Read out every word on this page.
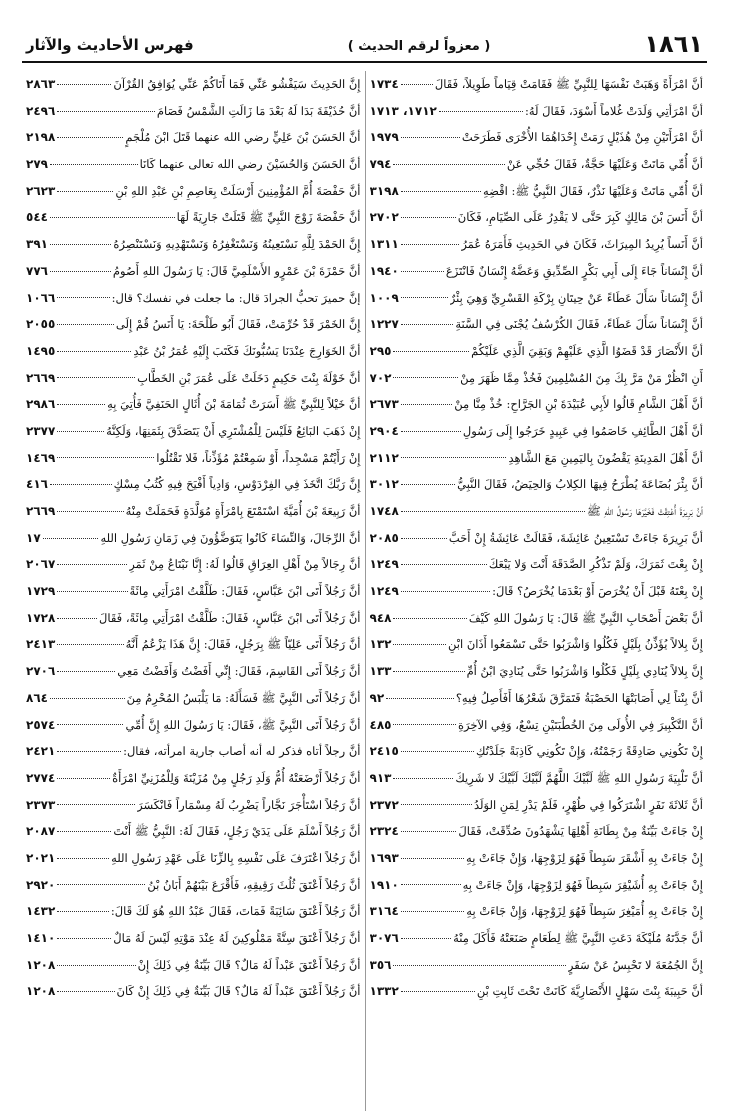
١٨٦١
( معزواً لرقم الحديث )
فهرس الأحاديث والآثار
أنَّ امْرَأَةً وَهَبَتْ نَفْسَهَا لِلنَّبِيِّ ﷺ فَقَامَتْ قِيَاماً طَوِيلاً، فَقَالَ
١٧٣٤
أنَّ امْرَأتِي وَلَدَتْ غُلاماً أَسْوَدَ، فَقَالَ لَهُ:
١٧١٢، ١٧١٣
أنَّ امْرَأَتَيْنِ مِنْ هُذَيْلٍ رَمَتْ إِحْدَاهُمَا الأُخْرَى فَطَرَحَتْ
١٩٧٩
أنَّ أُمِّي مَاتَتْ وَعَلَيْهَا حَجَّةٌ، فَقَالَ حُجِّي عَنْ
٧٩٤
أنَّ أُمِّي مَاتَتْ وَعَلَيْهَا نَذْرٌ، فَقَالَ النَّبِيُّ ﷺ: اقْضِهِ
٣١٩٨
أنَّ أَنَسَ بْنَ مَالِكٍ كَبِرَ حَتَّى لا يَقْدِرُ عَلَى الصِّيَامِ، فَكَانَ
٢٧٠٢
أنَّ أَنَساً يُرِيدُ المِيرَاثَ، فَكَانَ في الحَدِيثِ فَأَمَرَهُ عُمَرُ
١٣١١
أنَّ إِنْسَاناً جَاءَ إِلَى أَبِي بَكْرٍ الصِّدِّيقِ وَعَضَّهُ إِنْسَانٌ فَانْتَزَعَ
١٩٤٠
أنَّ إِنْسَاناً سَأَلَ عَطَاءً عَنْ حِيتَانِ بِرْكَةِ القَسْرِيِّ وَهِيَ بِئْرٌ
١٠٠٩
أنَّ إِنْسَاناً سَأَلَ عَطَاءً، فَقَالَ الكُرْسُفُ يُجْنَى فِي السَّنَةِ
١٢٢٧
أنَّ الأَنْصَارَ قَدْ قَضَوُا الَّذِي عَلَيْهِمْ وَبَقِيَ الَّذِي عَلَيْكُمْ
٢٩٥
أَنِ انْظُرْ مَنْ مَرَّ بِكَ مِنَ المُسْلِمِينَ فَخُذْ مِمَّا ظَهَرَ مِنْ
٧٠٢
أنَّ أَهْلَ الشَّامِ قَالُوا لأَبِي عُبَيْدَةَ بْنِ الجَرَّاحِ: خُذْ مِنَّا مِنْ
٢٦٧٣
أنَّ أَهْلَ الطَّائِفِ خَاصَمُوا فِي عَبِيدٍ خَرَجُوا إِلَى رَسُولِ
٢٩٠٤
أنَّ أَهْلَ المَدِينَةِ يَقْضُونَ بِاليَمِينِ مَعَ الشَّاهِدِ
٢١١٢
أنَّ بِئْرَ بُضَاعَةَ يُطْرَحُ فِيهَا الكِلابُ وَالحِيَضُ، فَقَالَ النَّبِيُّ
٣٠١٢
أنَّ بَرِيرَةَ أُعْتِقَتْ فَخَيَّرَهَا رَسُولُ اللهِ ﷺ
١٧٤٨
أنَّ بَرِيرَةَ جَاءَتْ تَسْتَعِينُ عَائِشَةَ، فَقَالَتْ عَائِشَةُ إِنْ أَحَبَّ
٢٠٨٥
إِنْ بِعْتَ ثَمَرَكَ، وَلَمْ تَذْكُرِ الصَّدَقَةَ أَنْتَ وَلا يَبْعَكَ
١٢٤٩
إِنْ بِعْتَهُ قَبْلَ أَنْ يُخْرَصَ أَوْ بَعْدَمَا يُخْرَصُ؟ قَالَ:
١٢٤٩
أنَّ بَعْضَ أَصْحَابِ النَّبِيِّ ﷺ قَالَ: يَا رَسُولَ اللهِ كَيْفَ
٩٤٨
إِنَّ بِلالاً يُؤَذِّنُ بِلَيْلٍ فَكُلُوا وَاشْرَبُوا حَتَّى تَسْمَعُوا أَذَانَ ابْنِ
١٣٢
إِنَّ بِلالاً يُنَادِي بِلَيْلٍ فَكُلُوا وَاشْرَبُوا حَتَّى يُنَادِيَ ابْنُ أُمِّ
١٣٣
أنَّ بِنْتاً لِي أَصَابَتْهَا الحَصْبَةُ فَتَمَرَّقَ شَعْرُهَا أَفَأَصِلُ فِيهِ؟
٩٢
أنَّ التَّكْبِيرَ فِي الأُولَى مِنَ الخُطْبَتَيْنِ تِسْعٌ، وَفِي الآخِرَةِ
٤٨٥
إِنْ تَكُونِي صَادِقَةً رَجَمْتُهُ، وَإِنْ تَكُونِي كَاذِبَةً جَلَدْتُكِ
٢٤١٥
أنَّ تَلْبِيَةَ رَسُولِ اللهِ ﷺ لَبَّيْكَ اللَّهُمَّ لَبَّيْكَ لَبَّيْكَ لا شَرِيكَ
٩١٣
أنَّ ثَلاثَةَ نَفَرٍ اشْتَرَكُوا فِي طُهْرٍ، فَلَمْ يَدْرِ لِمَنِ الوَلَدُ
٢٣٧٢
إِنْ جَاءَتْ بَيِّنَةٌ مِنْ بِطَانَةِ أَهْلِهَا يَشْهَدُونَ صُدِّقَتْ، فَقَالَ
٢٣٢٤
إِنْ جَاءَتْ بِهِ أَشْقَرَ سَبِطاً فَهُوَ لِزَوْجِهَا، وَإِنْ جَاءَتْ بِهِ
١٦٩٣
إِنْ جَاءَتْ بِهِ أُشَيْقِرَ سَبِطاً فَهُوَ لِزَوْجِهَا، وَإِنْ جَاءَتْ بِهِ
١٩١٠
إِنْ جَاءَتْ بِهِ أُمَيْغِرَ سَبِطاً فَهُوَ لِزَوْجِهَا، وَإِنْ جَاءَتْ بِهِ
٣١٦٤
أنَّ جَدَّتَهُ مُلَيْكَةَ دَعَتِ النَّبِيَّ ﷺ لِطَعَامٍ صَنَعَتْهُ فَأَكَلَ مِنْهُ
٣٠٧٦
إِنَّ الجُمُعَةَ لا تَحْبِسُ عَنْ سَفَرٍ
٣٥٦
أنَّ حَبِيبَةَ بِنْتَ سَهْلٍ الأَنْصَارِيَّةَ كَانَتْ تَحْتَ ثَابِتِ بْنِ
١٣٣٢
إِنَّ الحَدِيثَ سَيَفْشُو عَنِّي فَمَا أَتَاكُمْ عَنِّي يُوَافِقُ القُرْآنَ
٢٨٦٣
أنَّ حُذَيْفَةَ بَدَا لَهُ بَعْدَ مَا زَالَتِ الشَّمْسُ فَصَامَ
٢٤٩٦
أنَّ الحَسَنَ بْنَ عَلِيٍّ رضي الله عنهما قَتَلَ ابْنَ مُلْجَمٍ
٢١٩٨
أنَّ الحَسَنَ وَالحُسَيْنَ رضي الله تعالى عنهما كَانَا
٢٧٩
أنَّ حَفْصَةَ أُمَّ المُؤْمِنِينَ أَرْسَلَتْ بِعَاصِمِ بْنِ عَبْدِ اللهِ بْنِ
٢٦٢٣
أنَّ حَفْصَةَ زَوْجَ النَّبِيِّ ﷺ قَتَلَتْ جَارِيَةً لَهَا
٥٤٤
إِنَّ الحَمْدَ لِلَّهِ نَسْتَعِينُهُ وَنَسْتَغْفِرُهُ وَنَسْتَهْدِيهِ وَنَسْتَنْصِرُهُ
٣٩١
أنَّ حَمْزَةَ بْنَ عَمْرٍو الأَسْلَمِيَّ قَالَ: يَا رَسُولَ اللهِ أَصُومُ
٧٧٦
إنَّ حميرَ تحبُّ الجرادَ قال: ما جعلت في نفسك؟ قال:
١٠٦٦
إِنَّ الخَمْرَ قَدْ حُرِّمَتْ، فَقَالَ أَبُو طَلْحَةَ: يَا أَنَسُ قُمْ إِلَى
٢٠٥٥
أنَّ الخَوَارِجَ عِنْدَنَا يَسُبُّونَكَ فَكَتَبَ إِلَيْهِ عُمَرُ بْنُ عَبْدِ
١٤٩٥
أنَّ خَوْلَةَ بِنْتَ حَكِيمٍ دَخَلَتْ عَلَى عُمَرَ بْنِ الخَطَّابِ
٢٦٦٩
أنَّ خَيْلاً لِلنَّبِيِّ ﷺ أَسَرَتْ ثُمَامَةَ بْنَ أُثَالٍ الحَنَفِيَّ فَأُتِيَ بِهِ
٢٩٨٦
إِنْ ذَهَبَ البَائِعُ فَلَيْسَ لِلْمُشْتَرِي أَنْ يَتَصَدَّقَ بِثَمَنِهَا، وَلَكِنَّهُ
٢٣٧٧
إِنْ رَأَيْتُمْ مَسْجِداً، أَوْ سَمِعْتُمْ مُؤَذِّناً، فَلا تَقْتُلُوا
١٤٦٩
إِنَّ رَبَّكَ اتَّخَذَ فِي الفِرْدَوْسِ، وَادِياً أَفْيَحَ فِيهِ كُثُبُ مِسْكٍ
٤١٦
أنَّ رَبِيعَةَ بْنَ أُمَيَّةَ اسْتَمْتَعَ بِامْرَأَةٍ مُوَلَّدَةٍ فَحَمَلَتْ مِنْهُ
٢٦٦٩
أنَّ الرِّجَالَ، وَالنِّسَاءَ كَانُوا يَتَوَضَّؤُونَ فِي زَمَانِ رَسُولِ اللهِ
١٧
أنَّ رِجَالاً مِنْ أَهْلِ العِرَاقِ قَالُوا لَهُ: إِنَّا نَبْتَاعُ مِنْ ثَمَرِ
٢٠٦٧
أنَّ رَجُلاً أَتَى ابْنَ عَبَّاسٍ، فَقَالَ: طَلَّقْتُ امْرَأَتِي مِائَةً
١٧٢٩
أنَّ رَجُلاً أَتَى ابْنَ عَبَّاسٍ، فَقَالَ: طَلَّقْتُ امْرَأَتِي مِائَةً، فَقَالَ
١٧٢٨
أنَّ رَجُلاً أَتَى عَلِيّاً ﷺ بِرَجُلٍ، فَقَالَ: إِنَّ هَذَا يَزْعُمُ أَنَّهُ
٢٤١٣
أنَّ رَجُلاً أَتَى القَاسِمَ، فَقَالَ: إِنِّي أَفَضْتُ وَأَفَضْتُ مَعِي
٢٧٠٦
أنَّ رَجُلاً أَتَى النَّبِيَّ ﷺ فَسَأَلَهُ: مَا يَلْبَسُ المُحْرِمُ مِنَ
٨٦٤
أنَّ رَجُلاً أَتَى النَّبِيَّ ﷺ، فَقَالَ: يَا رَسُولَ اللهِ إِنَّ أُمِّي
٢٥٧٤
أنَّ رجلاً أتاه فذكر له أنه أصاب جارية امرأته، فقال:
٢٤٢١
أنَّ رَجُلاً أَرْضَعَتْهُ أُمُّ وَلَدِ رَجُلٍ مِنْ مُزَيْنَةَ وَلِلْمُزَنِيِّ امْرَأَةٌ
٢٧٧٤
أنَّ رَجُلاً اسْتَأْجَرَ نَجَّاراً يَضْرِبُ لَهُ مِسْمَاراً فَانْكَسَرَ
٢٣٧٣
أنَّ رَجُلاً أَسْلَمَ عَلَى يَدَيْ رَجُلٍ، فَقَالَ لَهُ: النَّبِيُّ ﷺ أَنْتَ
٢٠٨٧
أنَّ رَجُلاً اعْتَرَفَ عَلَى نَفْسِهِ بِالزِّنَا عَلَى عَهْدِ رَسُولِ اللهِ
٢٠٢١
أنَّ رَجُلاً أَعْتَقَ ثُلُثَ رَقِيقِهِ، فَأَقْرَعَ بَيْنَهُمْ أَبَانُ بْنُ
٢٩٢٠
أنَّ رَجُلاً أَعْتَقَ سَائِبَةً فَمَاتَ، فَقَالَ عَبْدُ اللهِ هُوَ لَكَ قَالَ:
١٤٣٢
أنَّ رَجُلاً أَعْتَقَ سِتَّةً مَمْلُوكِينَ لَهُ عِنْدَ مَوْتِهِ لَيْسَ لَهُ مَالٌ
١٤١٠
أنَّ رَجُلاً أَعْتَقَ عَبْداً لَهُ مَالٌ؟ قَالَ بَيِّنَةٌ فِي ذَلِكَ إِنْ
١٢٠٨
أنَّ رَجُلاً أَعْتَقَ عَبْداً لَهُ مَالٌ؟ قَالَ بَيِّنَةٌ فِي ذَلِكَ إِنْ كَانَ
١٢٠٨
